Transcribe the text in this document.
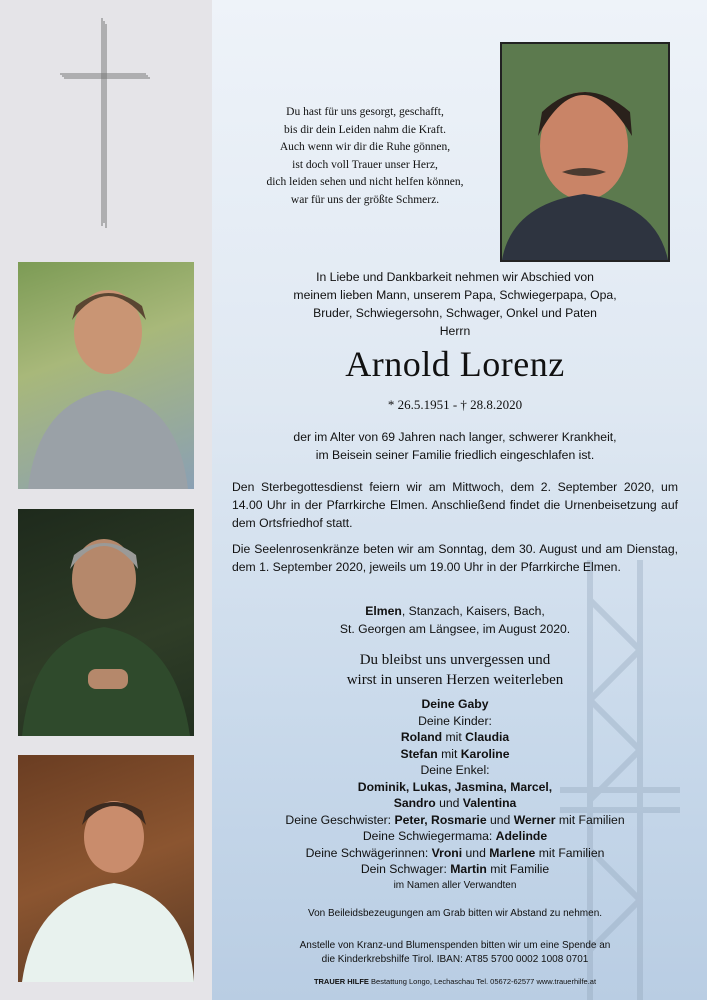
Du hast für uns gesorgt, geschafft,
bis dir dein Leiden nahm die Kraft.
Auch wenn wir dir die Ruhe gönnen,
ist doch voll Trauer unser Herz,
dich leiden sehen und nicht helfen können,
war für uns der größte Schmerz.
In Liebe und Dankbarkeit nehmen wir Abschied von
meinem lieben Mann, unserem Papa, Schwiegerpapa, Opa,
Bruder, Schwiegersohn, Schwager, Onkel und Paten
Herrn
Arnold Lorenz
* 26.5.1951 - † 28.8.2020
der im Alter von 69 Jahren nach langer, schwerer Krankheit,
im Beisein seiner Familie friedlich eingeschlafen ist.

Den Sterbegottesdienst feiern wir am Mittwoch, dem 2. September 2020, um 14.00 Uhr in der Pfarrkirche Elmen. Anschließend findet die Urnenbeisetzung auf dem Ortsfriedhof statt.

Die Seelenrosenkränze beten wir am Sonntag, dem 30. August und am Dienstag, dem 1. September 2020, jeweils um 19.00 Uhr in der Pfarrkirche Elmen.

Elmen, Stanzach, Kaisers, Bach,
St. Georgen am Längsee, im August 2020.
Du bleibst uns unvergessen und
wirst in unseren Herzen weiterleben
Deine Gaby
Deine Kinder:
Roland mit Claudia
Stefan mit Karoline
Deine Enkel:
Dominik, Lukas, Jasmina, Marcel,
Sandro und Valentina
Deine Geschwister: Peter, Rosmarie und Werner mit Familien
Deine Schwiegermama: Adelinde
Deine Schwägerinnen: Vroni und Marlene mit Familien
Dein Schwager: Martin mit Familie
im Namen aller Verwandten
Von Beileidsbezeugungen am Grab bitten wir Abstand zu nehmen.
Anstelle von Kranz-und Blumenspenden bitten wir um eine Spende an
die Kinderkrebshilfe Tirol. IBAN: AT85 5700 0002 1008 0701
TRAUER HILFE Bestattung Longo, Lechaschau Tel. 05672-62577 www.trauerhilfe.at
